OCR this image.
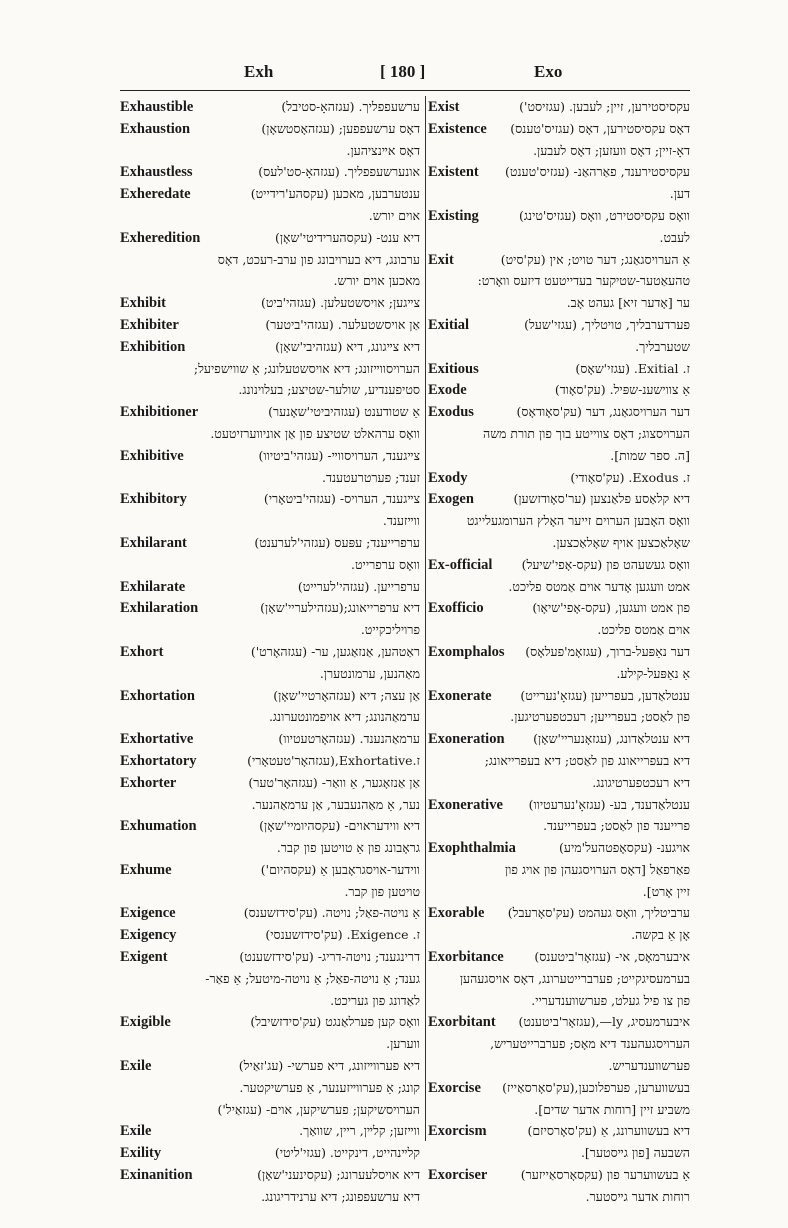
Exh	[ 180 ]	Exo
Exhaustible	ערשעפפליך. (עגזהאָ-סטיבל)
Exhaustion	דאָס ערשעפפען; (עגזהאָסטשאָן)
דאָס אײנציהען.
Exhaustless	אונערשעפפליך. (עגזהאָ-סט'לעס)
Exheredate	ענטערבען, מאכען (עקסהע'רידייט)
אוים יורש.
Exheredition	דיא ענט- (עקסהערידיטי'שאָן)
ערבונג, דיא בערויבונג פון ערב-רעכט, דאָס
מאכען אוים יורש.
Exhibit	צײגען; אויסשטעלען. (עגזהי'ביט)
Exhibiter	אַן אויסשטעלער. (עגזהי'ביטער)
Exhibition	דיא צײגונג, דיא (עגזהיבי'שאָן)
הערויסווײזונג; דיא אויסשטעלונג; אַ שווישפיעל;
סטיפענדיע, שולער-שטיצע; בעלוינונג.
Exhibitioner	אַ שטודענט (עגזהיביטי'שאָנער)
וואָס ערהאלט שטיצע פון אַן אוניווערזיטעט.
Exhibitive	צײגענד, הערויסווײ- (עגזהי'ביטיוו)
זענד; פערטרעטענד.
Exhibitory	צײגענד, הערויס- (עגזהי'ביטאָרי)
ווײזענד.
Exhilarant	ערפרייענד; עפּעס (עגזהי'לערענט)
וואָס ערפרייט.
Exhilarate	ערפרייען. (עגזהי'לערייט)
Exhilaration	דיא ערפרייאונג;(עגזהילעריי'שאָן)
פרויליכקייט.
Exhort	ראַטהען, אַנזאַגען, ער- (עגזהאָרט')
מאַהנען, ערמונטערן.
Exhortation	אַן עצה; דיא (עגזהאָרטיי'שאָן)
ערמאַהנונג; דיא אויפמונטערונג.
Exhortative	ערמאַהנענד. (עגזהאָרטעטיוו)
Exhortatory	ז.Exhortative,(עגזהאָר'טעטאָרי)
Exhorter	אַן אַנזאָגער, אַ וואַר- (עגזהאָר'טער)
נער, אַ מאַהנעבער, אַן ערמאַהנער.
Exhumation	דיא ווידעראוים- (עקסהיומיי'שאָן)
גראָבונג פון אַ טויטען פון קבר.
Exhume	ווידער-אויסגראָבען אַ (עקסהיום')
טויטען פון קבר.
Exigence	אַ נויטה-פאַל; נויטה. (עק'סידזשענס)
Exigency	ז. Exigence. (עק'סידזשענסי)
Exigent	דרינגענד; נויטה-דריג- (עק'סידזשענט)
גענד; אַ נויטה-פאַל; אַ נויטה-מיטעל; אַ פאַר-
לאַדונג פון געריכט.
Exigible	וואָס קען פערלאַנגט (עק'סידזשיבל)
ווערען.
Exile	דיא פערווײזונג, דיא פערשי- (עג'זאַיל)
קונג; אַ פערווײזענער, אַ פערשיקטער.
הערויסשיקען; פערשיקען, אוים- (עגזאַיל')
Exile	ווײזען; קלײן, ריין, שוואַך.
Exility	קלײנהייט, דינקייט. (עגזי'ליטי)
Exinanition	דיא אויסלעערונג; (עקסינעני'שאָן)
דיא ערשעפפונג; דיא ערנידריגונג.
Exist	עקסיסטירען, זיין; לעבען. (עגזיסט')
Existence דאָס עקסיסטירען, דאָס (עגזיס'טענס)
דאָ-זיין; דאָס וועזען; דאָס לעבען.
Existent עקסיסטירענד, פאַרהאַנ- (עגזיס'טענט)
דען.
Existing	וואָס עקסיסטירט, וואָס (עגזיס'טינג)
לעבט.
Exit	אַ הערויסגאַנג; דער טויט; אין (עק'סיט)
טהעאַטער-שטיקער בעדייטעט דיזעס וואָרט:
ער [אָדער זיא] געהט אָב.
Exitial	פערדערבליך, טויטליך, (עגזי'שעל)
שטערבליך.
Exitious	ז. Exitial. (עגזי'שאָס)
Exode	אַ צווישענ-שפּיל. (עק'סאָוד)
Exodus	דער הערויסגאַנג, דער (עק'סאָודאָס)
הערויסצוג; דאָס צווייטע בוך פון תורת משה
[ה. ספר שמות].
Exody	ז. Exodus. (עק'סאָודי)
Exogen	דיא קלאַסע פלאַנצען (ער'סאָודזשען)
וואָס האָבען הערוים זייער האָלץ הערומגעלייגט
שאָלאַכצען אויף שאָלאַכצען.
Ex-official וואָס געשעהט פון (עקס-אָפי'שיעל)
אמט וועגען אָדער אוים אַמטס פליכט.
Exofficio	פון אמט וועגען, (עקס-אָפי'שיאָו)
אוים אַמטס פליכט.
Exomphalos דער נאַפּעל-ברוך, (עגזאָמ'פעלאָס)
אַ נאַפּעל-קילע.
Exonerate ענטלאַדען, בעפרייען (עגזאָ'נערייט)
פון לאַסט; בעפרייען; רעכטפערטיגען.
Exoneration דיא ענטלאַדונג, (עגזאָנעריי'שאָן)
דיא בעפרייאונג פון לאַסט; דיא בעפרייאונג;
דיא רעכטפערטיגונג.
Exonerative ענטלאַדענד, בע- (עגזאָ'נערעטיוו)
פרייענד פון לאַסט; בעפרייענד.
Exophthalmia	אויגענ- (עקסאָפטהעל'מיע)
פאַרפאַל [דאָס הערויסגעהן פון אויג פון
זיין אָרט].
Exorable ערביטליך, וואָס געהמט (עק'סאָרעבל)
אָן אַ בקשה.
Exorbitance איבערמאָס, אי- (עגזאָר'ביטענס)
בערמעסיגקייט; פערברייטערונג, דאָס אויסגעהען
פון צו פיל געלט, פערשווענדעריי.
Exorbitant איבערמעסיג, ly—,(עגזאָר'ביטענט)
הערויסגעהענד דיא מאָס; פערברייטעריש,
פערשווענדעריש.
Exorcise בעשווערען, פערפלוכען,(עק'סאָרסאַייז)
משביע זיין [רוחות אדער שדים].
Exorcism	דיא בעשווערונג, אַ (עק'סאָרסיזם)
השבעה [פון גײסטער].
Exorciser	אַ בעשווערער פון (עקסאָרסאַייזער)
רוחות אדער גײסטער.
